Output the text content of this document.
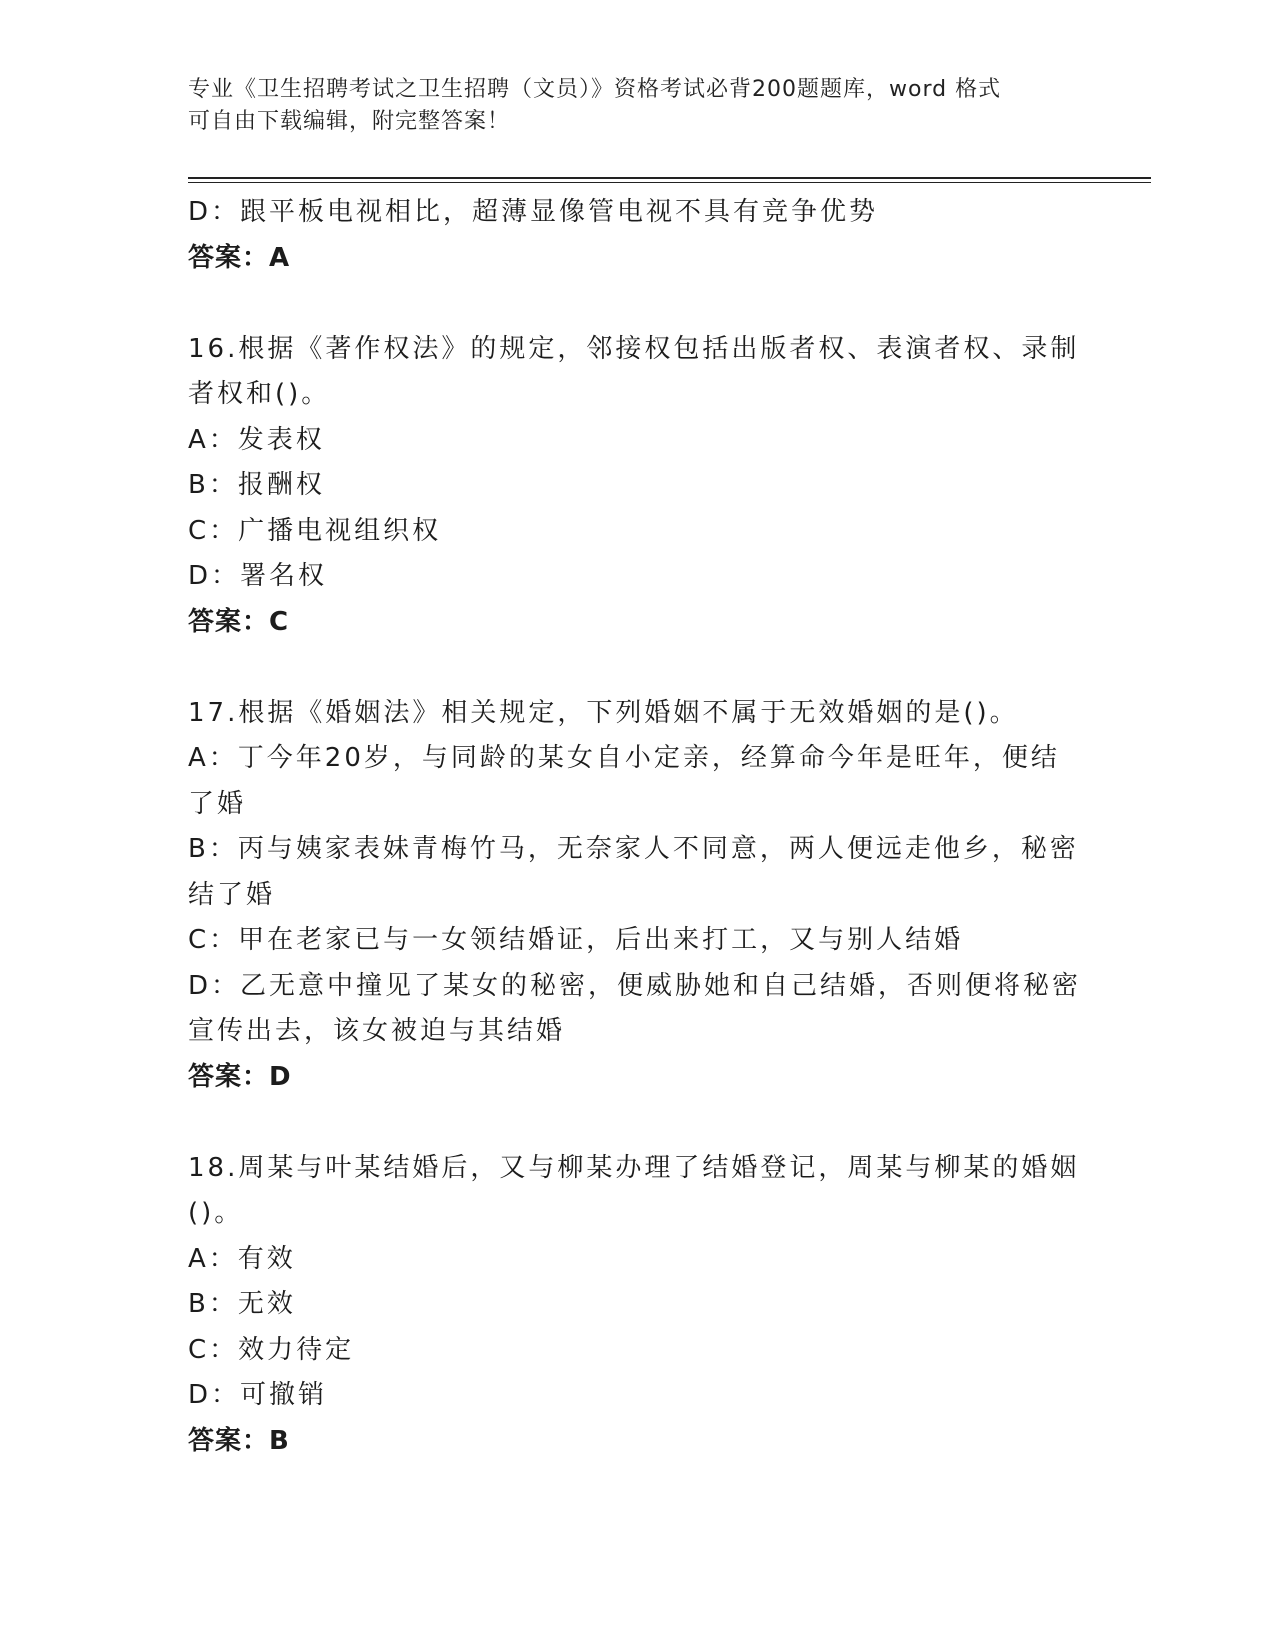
专业《卫生招聘考试之卫生招聘（文员）》资格考试必背200题题库，word 格式

可自由下载编辑，附完整答案！

D：跟平板电视相比，超薄显像管电视不具有竞争优势

答案：A

16.根据《著作权法》的规定，邻接权包括出版者权、表演者权、录制

者权和()。

A：发表权

B：报酬权

C：广播电视组织权

D：署名权

答案：C

17.根据《婚姻法》相关规定，下列婚姻不属于无效婚姻的是()。

A：丁今年20岁，与同龄的某女自小定亲，经算命今年是旺年，便结

了婚

B：丙与姨家表妹青梅竹马，无奈家人不同意，两人便远走他乡，秘密

结了婚

C：甲在老家已与一女领结婚证，后出来打工，又与别人结婚

D：乙无意中撞见了某女的秘密，便威胁她和自己结婚，否则便将秘密

宣传出去，该女被迫与其结婚

答案：D

18.周某与叶某结婚后，又与柳某办理了结婚登记，周某与柳某的婚姻

()。

A：有效

B：无效

C：效力待定

D：可撤销

答案：B
